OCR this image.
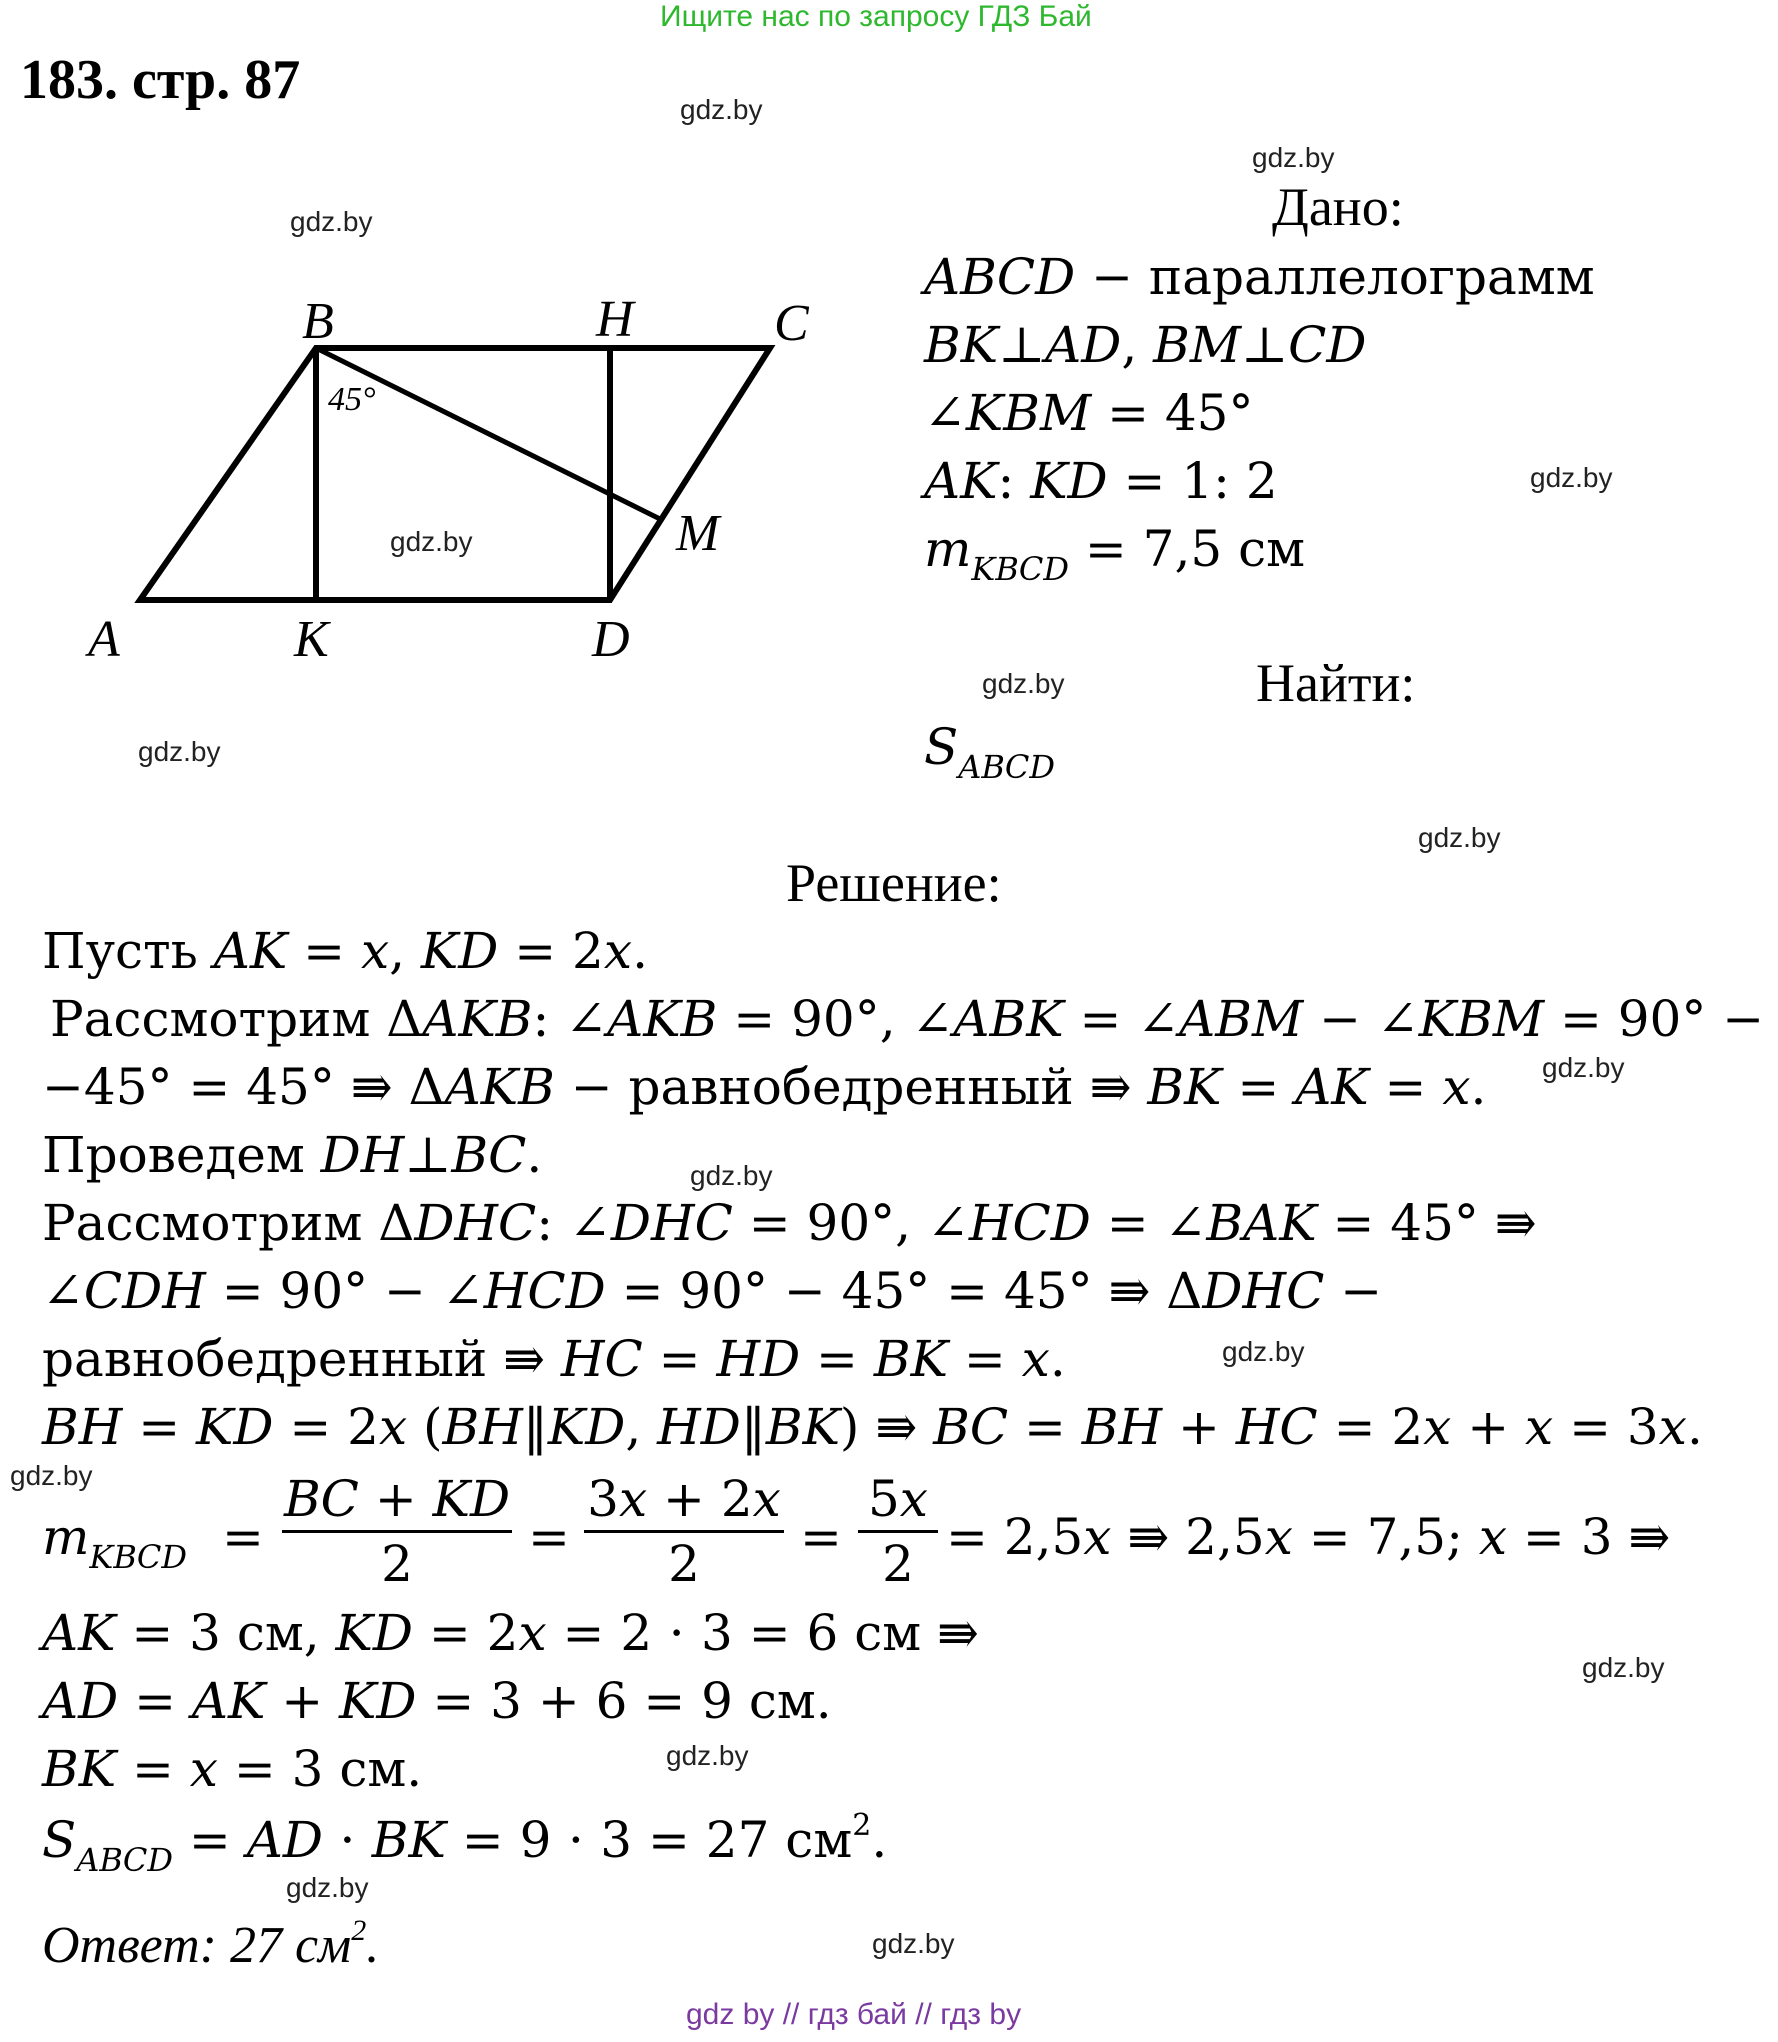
Ищите нас по запросу ГДЗ Бай
183. стр. 87	gdz.by
gdz.by
gdz.by
gdz.by
gdz.by
gdz.by
gdz.by
gdz.by
gdz.by
gdz.by
gdz.by
gdz.by
gdz.by
gdz.by
gdz.by
gdz.by
B	H	C
M
A	K	D
45°
Дано:
𝐴𝐵𝐶𝐷 − параллелограмм
𝐵𝐾⊥𝐴𝐷, 𝐵𝑀⊥𝐶𝐷
∠𝐾𝐵𝑀 = 45°
𝐴𝐾: 𝐾𝐷 = 1: 2
𝑚$_{𝐾𝐵𝐶𝐷}$ = 7,5 см
Найти:
𝑆$_{𝐴𝐵𝐶𝐷}$
Решение:
Пусть 𝐴𝐾 = 𝑥, 𝐾𝐷 = 2𝑥.
Рассмотрим Δ𝐴𝐾𝐵: ∠𝐴𝐾𝐵 = 90°, ∠𝐴𝐵𝐾 = ∠𝐴𝐵𝑀 − ∠𝐾𝐵𝑀 = 90° −
−45° = 45° ⇛ Δ𝐴𝐾𝐵 − равнобедренный ⇛ 𝐵𝐾 = 𝐴𝐾 = 𝑥.
Проведем 𝐷𝐻⊥𝐵𝐶.
Рассмотрим Δ𝐷𝐻𝐶: ∠𝐷𝐻𝐶 = 90°, ∠𝐻𝐶𝐷 = ∠𝐵𝐴𝐾 = 45° ⇛
∠𝐶𝐷𝐻 = 90° − ∠𝐻𝐶𝐷 = 90° − 45° = 45° ⇛ Δ𝐷𝐻𝐶 −
равнобедренный ⇛ 𝐻𝐶 = 𝐻𝐷 = 𝐵𝐾 = 𝑥.
𝐵𝐻 = 𝐾𝐷 = 2𝑥 (𝐵𝐻‖𝐾𝐷, 𝐻𝐷‖𝐵𝐾) ⇛ 𝐵𝐶 = 𝐵𝐻 + 𝐻𝐶 = 2𝑥 + 𝑥 = 3𝑥.
𝑚$_{𝐾𝐵𝐶𝐷}$ =
𝐵𝐶 + 𝐾𝐷
2	=
3𝑥 + 2𝑥
2	=
5𝑥
2 = 2,5𝑥 ⇛ 2,5𝑥 = 7,5; 𝑥 = 3 ⇛
𝐴𝐾 = 3 см, 𝐾𝐷 = 2𝑥 = 2 ⋅ 3 = 6 см ⇛
𝐴𝐷 = 𝐴𝐾 + 𝐾𝐷 = 3 + 6 = 9 см.
𝐵𝐾 = 𝑥 = 3 см.
𝑆$_{𝐴𝐵𝐶𝐷}$ = 𝐴𝐷 ⋅ 𝐵𝐾 = 9 ⋅ 3 = 27 $см^2$.
Ответ: 27 $см^2$.
gdz by // гдз бай // гдз by
